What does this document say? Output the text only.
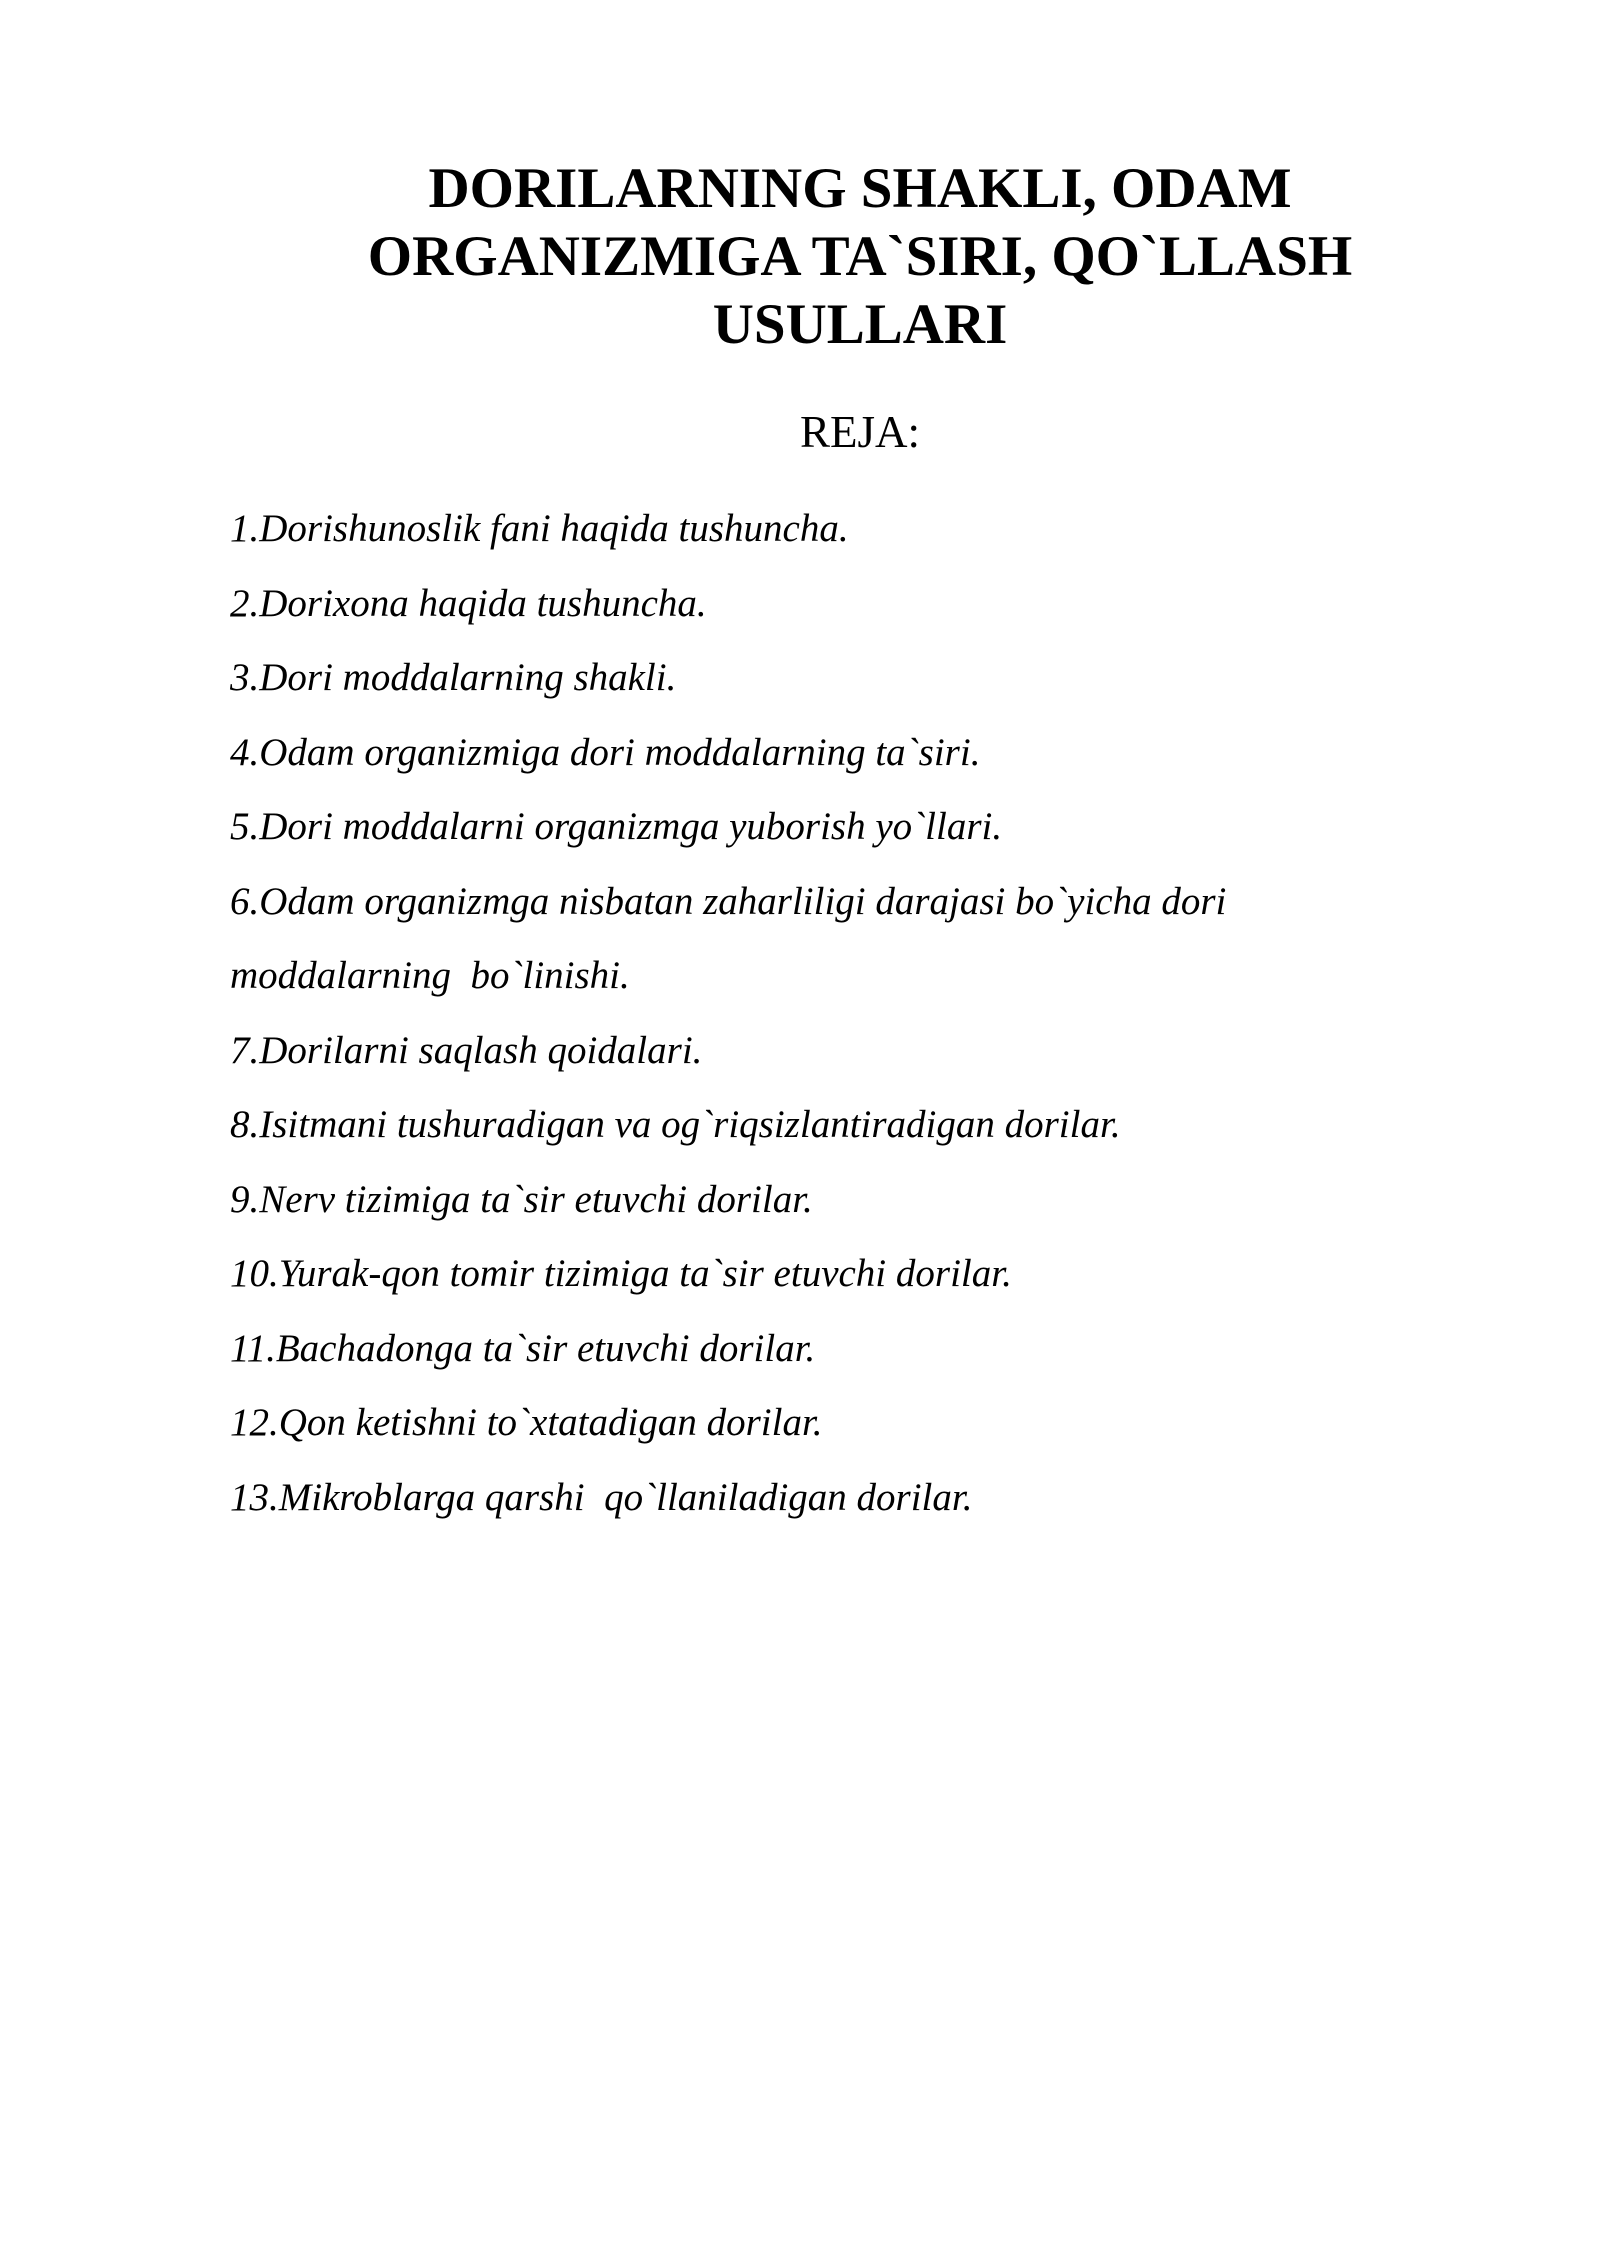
DORILARNING SHAKLI, ODAM
ORGANIZMIGA TA`SIRI, QO`LLASH
USULLARI
REJA:
1.Dorishunoslik fani haqida tushuncha.
2.Dorixona haqida tushuncha.
3.Dori moddalarning shakli.
4.Odam organizmiga dori moddalarning ta`siri.
5.Dori moddalarni organizmga yuborish yo`llari.
6.Odam organizmga nisbatan zaharliligi darajasi bo`yicha dori
moddalarning  bo`linishi.
7.Dorilarni saqlash qoidalari.
8.Isitmani tushuradigan va og`riqsizlantiradigan dorilar.
9.Nerv tizimiga ta`sir etuvchi dorilar.
10.Yurak-qon tomir tizimiga ta`sir etuvchi dorilar.
11.Bachadonga ta`sir etuvchi dorilar.
12.Qon ketishni to`xtatadigan dorilar.
13.Mikroblarga qarshi  qo`llaniladigan dorilar.
